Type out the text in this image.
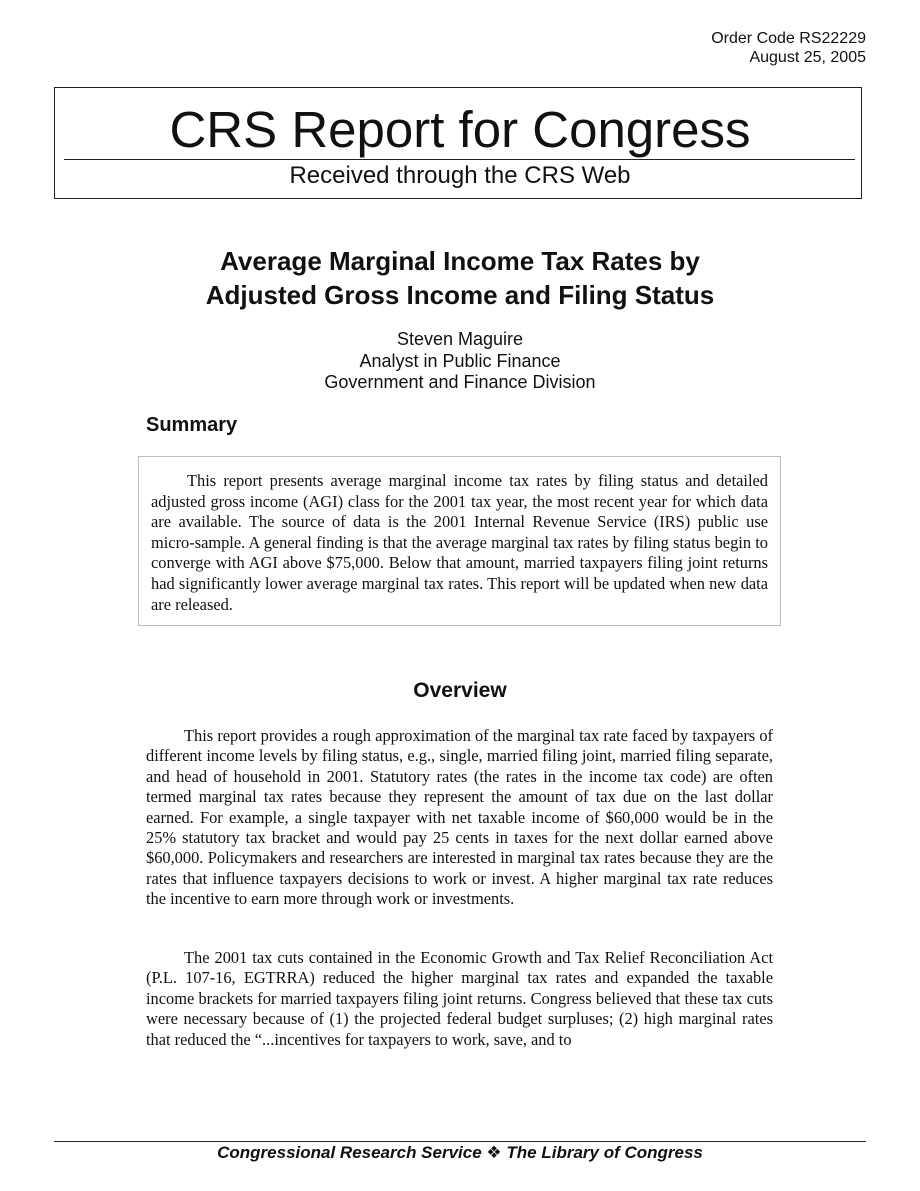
Order Code RS22229
August 25, 2005
CRS Report for Congress
Received through the CRS Web
Average Marginal Income Tax Rates by
Adjusted Gross Income and Filing Status
Steven Maguire
Analyst in Public Finance
Government and Finance Division
Summary

This report presents average marginal income tax rates by filing status and detailed adjusted gross income (AGI) class for the 2001 tax year, the most recent year for which data are available. The source of data is the 2001 Internal Revenue Service (IRS) public use micro-sample. A general finding is that the average marginal tax rates by filing status begin to converge with AGI above $75,000. Below that amount, married taxpayers filing joint returns had significantly lower average marginal tax rates. This report will be updated when new data are released.

Overview

This report provides a rough approximation of the marginal tax rate faced by taxpayers of different income levels by filing status, e.g., single, married filing joint, married filing separate, and head of household in 2001. Statutory rates (the rates in the income tax code) are often termed marginal tax rates because they represent the amount of tax due on the last dollar earned. For example, a single taxpayer with net taxable income of $60,000 would be in the 25% statutory tax bracket and would pay 25 cents in taxes for the next dollar earned above $60,000. Policymakers and researchers are interested in marginal tax rates because they are the rates that influence taxpayers decisions to work or invest. A higher marginal tax rate reduces the incentive to earn more through work or investments.

The 2001 tax cuts contained in the Economic Growth and Tax Relief Reconciliation Act (P.L. 107-16, EGTRRA) reduced the higher marginal tax rates and expanded the taxable income brackets for married taxpayers filing joint returns. Congress believed that these tax cuts were necessary because of (1) the projected federal budget surpluses; (2) high marginal rates that reduced the “...incentives for taxpayers to work, save, and to

Congressional Research Service ❖ The Library of Congress
